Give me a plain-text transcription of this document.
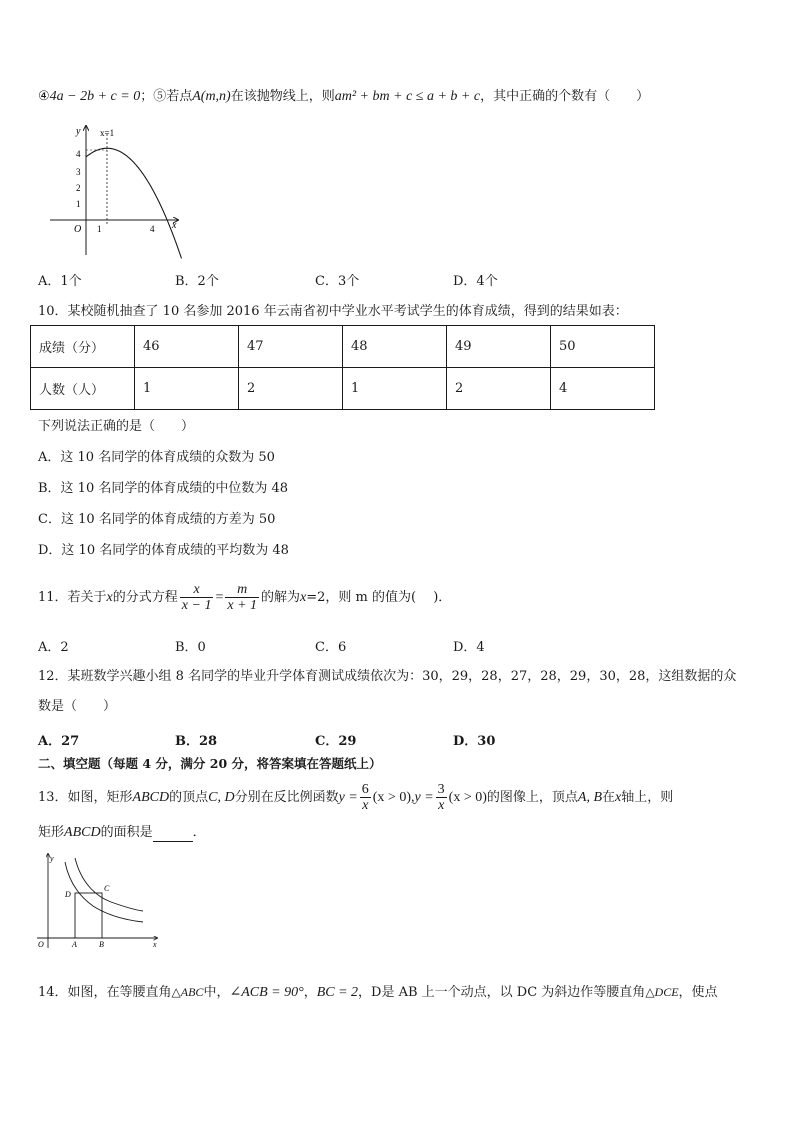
④4a − 2b + c = 0；⑤若点A(m,n)在该抛物线上，则am² + bm + c ≤ a + b + c，其中正确的个数有（　　）
y
x
O
x=1
4
3
2
1
1	4
A．1个	B．2个	C．3个	D．4个
10．某校随机抽查了 10 名参加 2016 年云南省初中学业水平考试学生的体育成绩，得到的结果如表：
成绩（分）	46	47	48	49	50
人数（人）	1	2	1	2	4
下列说法正确的是（　　）
A．这 10 名同学的体育成绩的众数为 50
B．这 10 名同学的体育成绩的中位数为 48
C．这 10 名同学的体育成绩的方差为 50
D．这 10 名同学的体育成绩的平均数为 48
11．若关于x的分式方程 $\frac{x}{x - 1} = \frac{m}{x + 1}$ 的解为x=2，则 m 的值为(　 )．
A．2	B．0	C．6	D．4
12．某班数学兴趣小组 8 名同学的毕业升学体育测试成绩依次为：30，29，28，27，28，29，30，28，这组数据的众
数是（　　）
A．27	B．28	C．29	D．30
二、填空题（每题 4 分，满分 20 分，将答案填在答题纸上）
13．如图，矩形ABCD的顶点C, D分别在反比例函数$y = \frac{6}{x} (x > 0),y = \frac{3}{x} (x > 0)$的图像上，顶点A, B在x轴上，则
矩形ABCD的面积是	．
y
x
O
D
C
A	B
14．如图，在等腰直角△ABC中，∠ACB = 90°，BC = 2，D是 AB 上一个动点，以 DC 为斜边作等腰直角△DCE，使点
